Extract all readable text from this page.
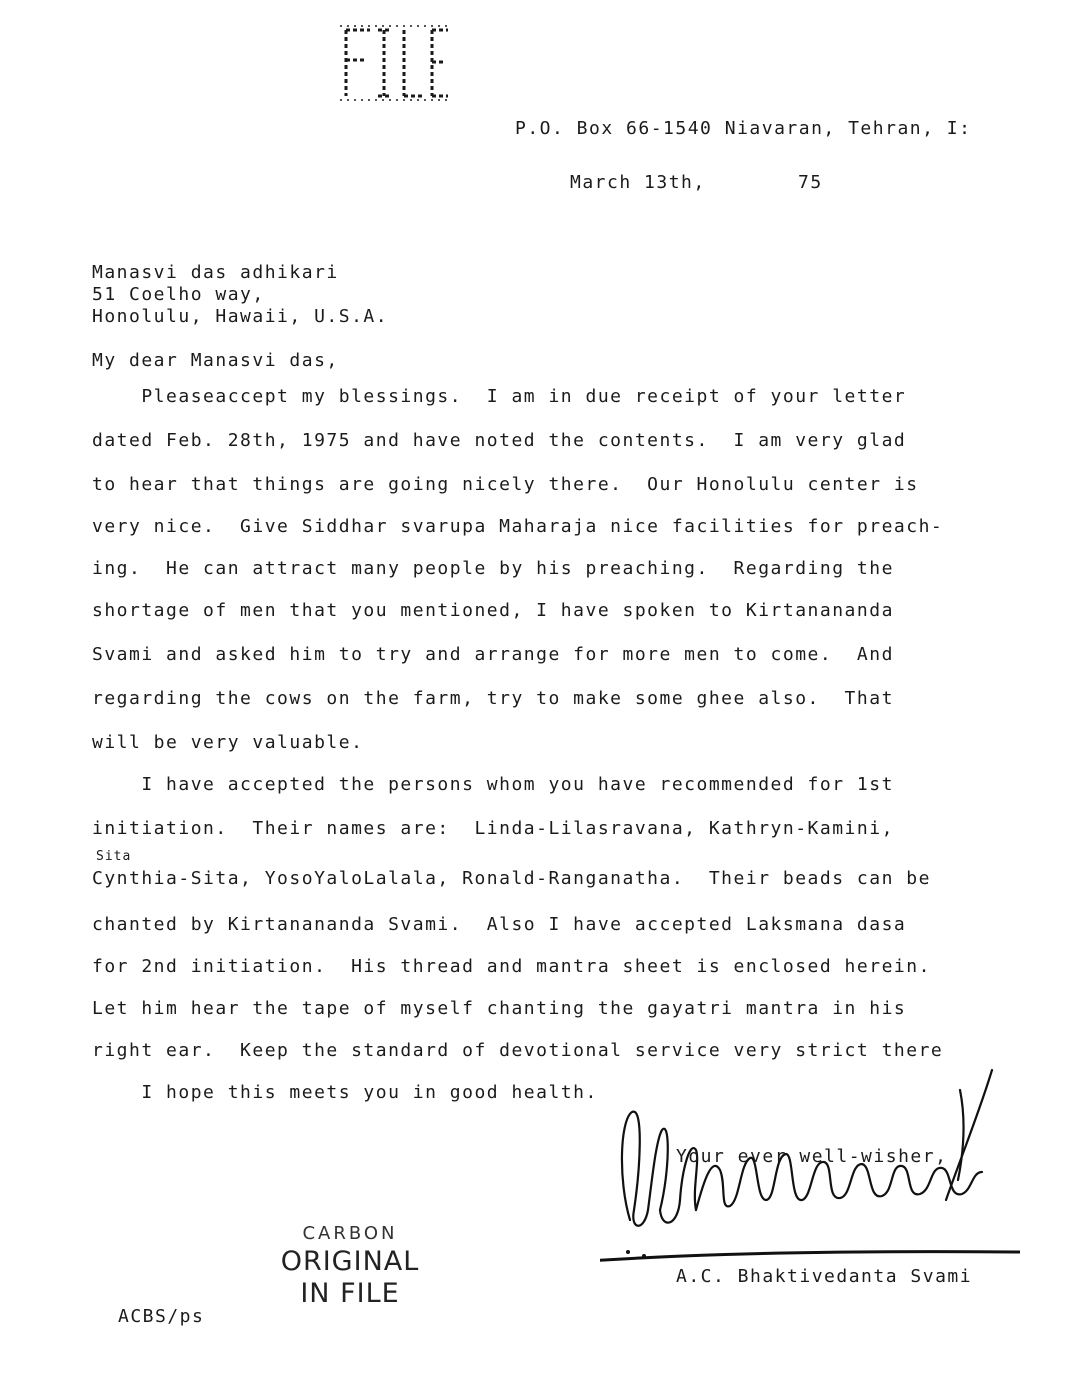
P.O. Box 66-1540 Niavaran, Tehran, I:
March 13th,	75
Manasvi das adhikari
51 Coelho way,
Honolulu, Hawaii, U.S.A.
My dear Manasvi das,
Pleaseaccept my blessings.  I am in due receipt of your letter
dated Feb. 28th, 1975 and have noted the contents.  I am very glad
to hear that things are going nicely there.  Our Honolulu center is
very nice.  Give Siddhar svarupa Maharaja nice facilities for preach-
ing.  He can attract many people by his preaching.  Regarding the
shortage of men that you mentioned, I have spoken to Kirtanananda
Svami and asked him to try and arrange for more men to come.  And
regarding the cows on the farm, try to make some ghee also.  That
will be very valuable.
I have accepted the persons whom you have recommended for 1st
initiation.  Their names are:  Linda-Lilasravana, Kathryn-Kamini,
Sita
Cynthia-Sita, YosoYaloLalala, Ronald-Ranganatha.  Their beads can be
chanted by Kirtanananda Svami.  Also I have accepted Laksmana dasa
for 2nd initiation.  His thread and mantra sheet is enclosed herein.
Let him hear the tape of myself chanting the gayatri mantra in his
right ear.  Keep the standard of devotional service very strict there
I hope this meets you in good health.
Your ever well-wisher,
A.C. Bhaktivedanta Svami
CARBON
ORIGINAL
IN FILE
ACBS/ps
